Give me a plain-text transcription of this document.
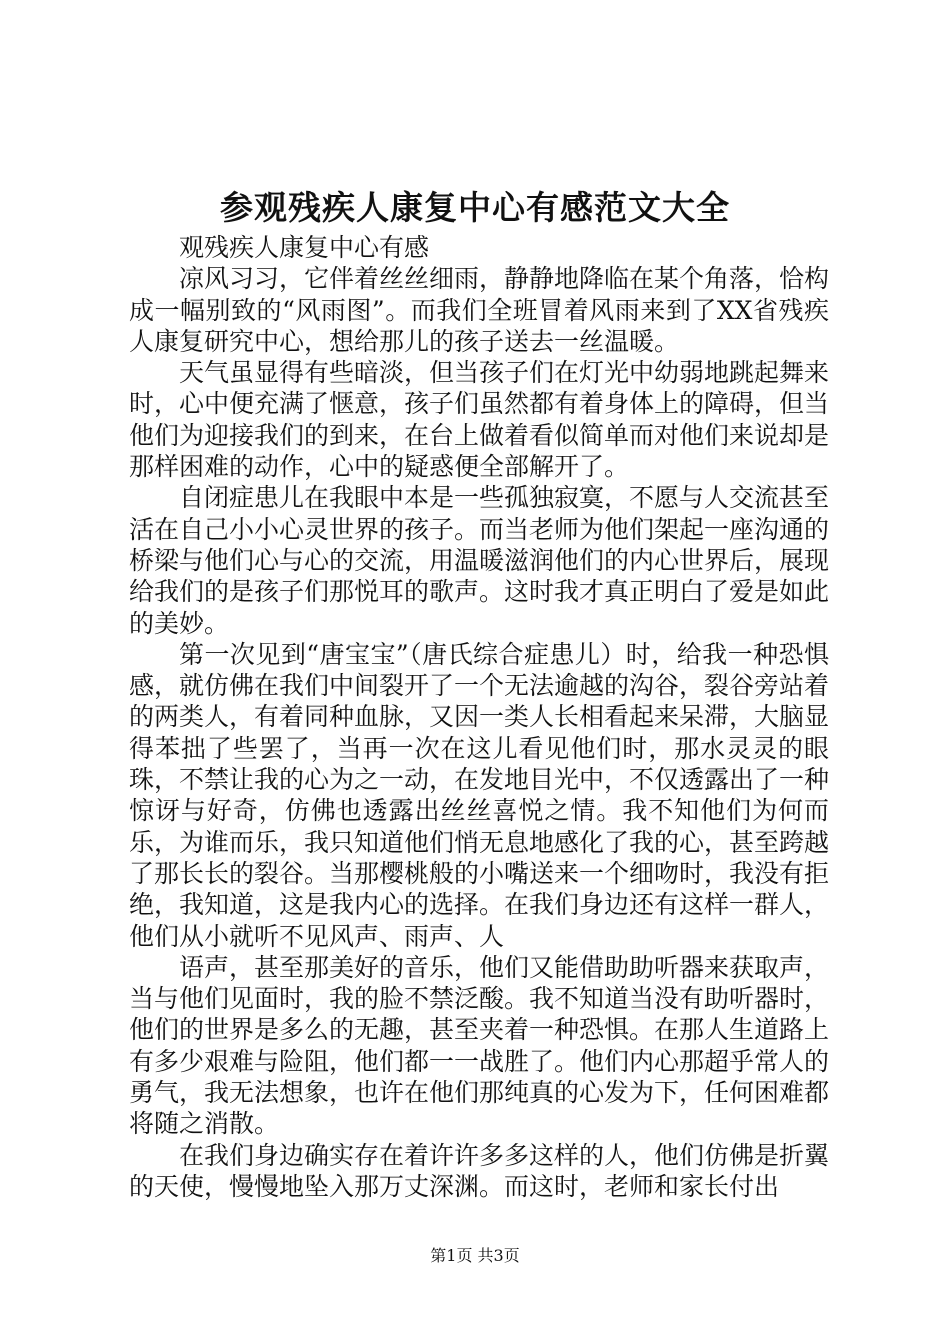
参观残疾人康复中心有感范文大全

观残疾人康复中心有感

凉风习习，它伴着丝丝细雨，静静地降临在某个角落，恰构成一幅别致的“风雨图”。而我们全班冒着风雨来到了XX省残疾人康复研究中心，想给那儿的孩子送去一丝温暖。

天气虽显得有些暗淡，但当孩子们在灯光中幼弱地跳起舞来时，心中便充满了惬意，孩子们虽然都有着身体上的障碍，但当他们为迎接我们的到来，在台上做着看似简单而对他们来说却是那样困难的动作，心中的疑惑便全部解开了。

自闭症患儿在我眼中本是一些孤独寂寞，不愿与人交流甚至活在自己小小心灵世界的孩子。而当老师为他们架起一座沟通的桥梁与他们心与心的交流，用温暖滋润他们的内心世界后，展现给我们的是孩子们那悦耳的歌声。这时我才真正明白了爱是如此的美妙。

第一次见到“唐宝宝”（唐氏综合症患儿）时，给我一种恐惧感，就仿佛在我们中间裂开了一个无法逾越的沟谷，裂谷旁站着的两类人，有着同种血脉，又因一类人长相看起来呆滞，大脑显得苯拙了些罢了，当再一次在这儿看见他们时，那水灵灵的眼珠，不禁让我的心为之一动，在发地目光中，不仅透露出了一种惊讶与好奇，仿佛也透露出丝丝喜悦之情。我不知他们为何而乐，为谁而乐，我只知道他们悄无息地感化了我的心，甚至跨越了那长长的裂谷。当那樱桃般的小嘴送来一个细吻时，我没有拒绝，我知道，这是我内心的选择。在我们身边还有这样一群人，他们从小就听不见风声、雨声、人

语声，甚至那美好的音乐，他们又能借助助听器来获取声，当与他们见面时，我的脸不禁泛酸。我不知道当没有助听器时，他们的世界是多么的无趣，甚至夹着一种恐惧。在那人生道路上有多少艰难与险阻，他们都一一战胜了。他们内心那超乎常人的勇气，我无法想象，也许在他们那纯真的心发为下，任何困难都将随之消散。

在我们身边确实存在着许许多多这样的人，他们仿佛是折翼的天使，慢慢地坠入那万丈深渊。而这时，老师和家长付出

第1页 共3页
